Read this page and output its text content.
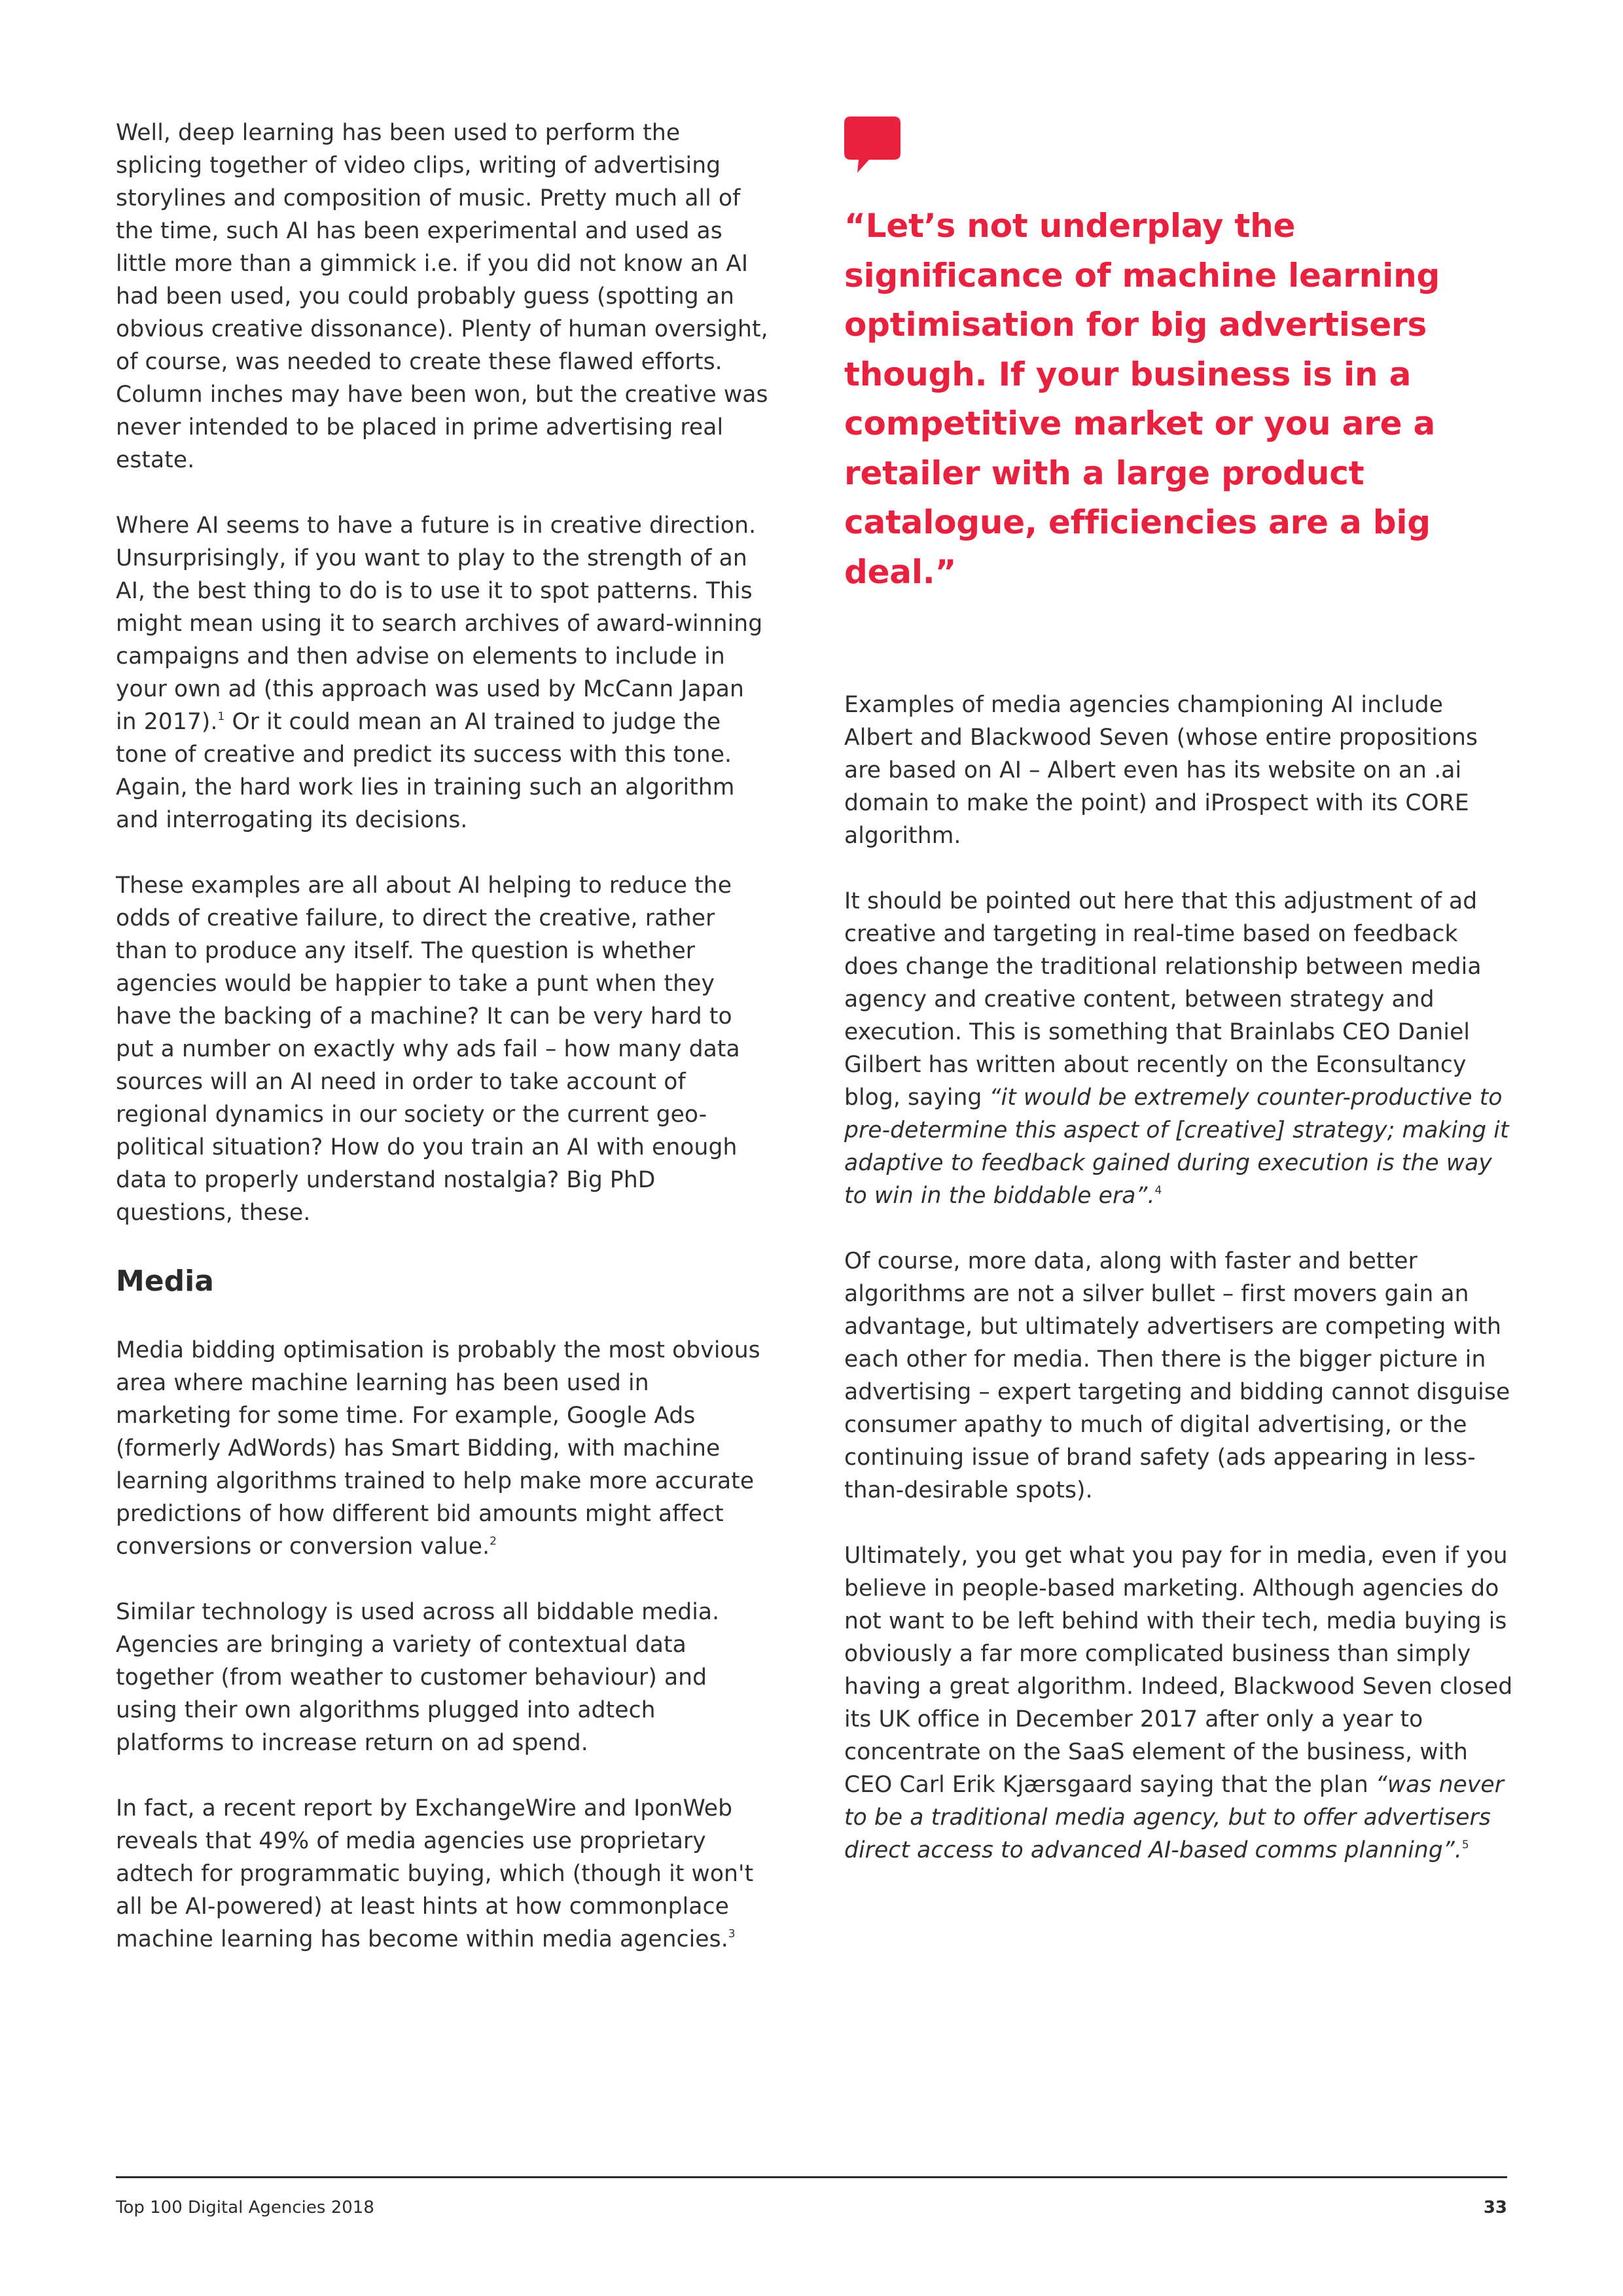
Well, deep learning has been used to perform the splicing together of video clips, writing of advertising storylines and composition of music. Pretty much all of the time, such AI has been experimental and used as little more than a gimmick i.e. if you did not know an AI had been used, you could probably guess (spotting an obvious creative dissonance). Plenty of human oversight, of course, was needed to create these flawed efforts. Column inches may have been won, but the creative was never intended to be placed in prime advertising real estate.

Where AI seems to have a future is in creative direction. Unsurprisingly, if you want to play to the strength of an AI, the best thing to do is to use it to spot patterns. This might mean using it to search archives of award-winning campaigns and then advise on elements to include in your own ad (this approach was used by McCann Japan in 2017).$^1$ Or it could mean an AI trained to judge the tone of creative and predict its success with this tone. Again, the hard work lies in training such an algorithm and interrogating its decisions.

These examples are all about AI helping to reduce the odds of creative failure, to direct the creative, rather than to produce any itself. The question is whether agencies would be happier to take a punt when they have the backing of a machine? It can be very hard to put a number on exactly why ads fail – how many data sources will an AI need in order to take account of regional dynamics in our society or the current geo-political situation? How do you train an AI with enough data to properly understand nostalgia? Big PhD questions, these.

Media

Media bidding optimisation is probably the most obvious area where machine learning has been used in marketing for some time. For example, Google Ads (formerly AdWords) has Smart Bidding, with machine learning algorithms trained to help make more accurate predictions of how different bid amounts might affect conversions or conversion value.$^2$

Similar technology is used across all biddable media. Agencies are bringing a variety of contextual data together (from weather to customer behaviour) and using their own algorithms plugged into adtech platforms to increase return on ad spend.

In fact, a recent report by ExchangeWire and IponWeb reveals that 49% of media agencies use proprietary adtech for programmatic buying, which (though it won't all be AI-powered) at least hints at how commonplace machine learning has become within media agencies.$^3$

“Let’s not underplay the significance of machine learning optimisation for big advertisers though. If your business is in a competitive market or you are a retailer with a large product catalogue, efficiencies are a big deal.”

Examples of media agencies championing AI include Albert and Blackwood Seven (whose entire propositions are based on AI – Albert even has its website on an .ai domain to make the point) and iProspect with its CORE algorithm.

It should be pointed out here that this adjustment of ad creative and targeting in real-time based on feedback does change the traditional relationship between media agency and creative content, between strategy and execution. This is something that Brainlabs CEO Daniel Gilbert has written about recently on the Econsultancy blog, saying “it would be extremely counter-productive to pre-determine this aspect of [creative] strategy; making it adaptive to feedback gained during execution is the way to win in the biddable era”.$^4$

Of course, more data, along with faster and better algorithms are not a silver bullet – first movers gain an advantage, but ultimately advertisers are competing with each other for media. Then there is the bigger picture in advertising – expert targeting and bidding cannot disguise consumer apathy to much of digital advertising, or the continuing issue of brand safety (ads appearing in less-than-desirable spots).

Ultimately, you get what you pay for in media, even if you believe in people-based marketing. Although agencies do not want to be left behind with their tech, media buying is obviously a far more complicated business than simply having a great algorithm. Indeed, Blackwood Seven closed its UK office in December 2017 after only a year to concentrate on the SaaS element of the business, with CEO Carl Erik Kjærsgaard saying that the plan “was never to be a traditional media agency, but to offer advertisers direct access to advanced AI-based comms planning”.$^5$

Top 100 Digital Agencies 2018	33
